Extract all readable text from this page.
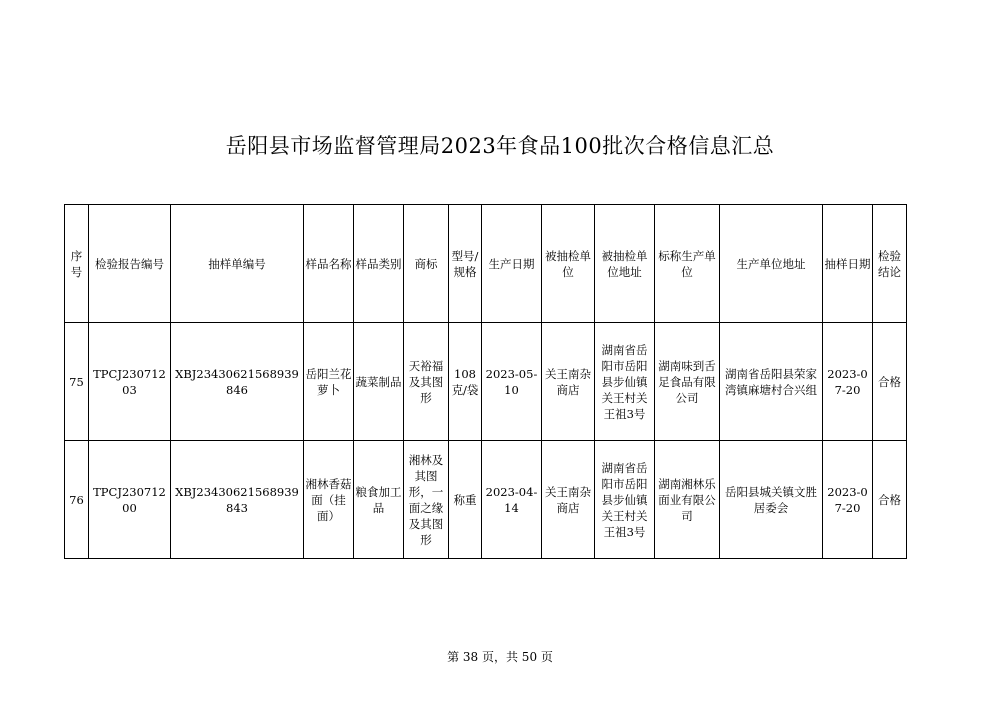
岳阳县市场监督管理局2023年食品100批次合格信息汇总
序号	检验报告编号	抽样单编号	样品名称	样品类别	商标	型号/规格	生产日期	被抽检单位	被抽检单位地址	标称生产单位	生产单位地址	抽样日期	检验结论
75	TPCJ23071203	XBJ23430621568939846	岳阳兰花萝卜	蔬菜制品	天裕福及其图形	108克/袋	2023-05-10	关王南杂商店	湖南省岳阳市岳阳县步仙镇关王村关王祖3号	湖南味到舌足食品有限公司	湖南省岳阳县荣家湾镇麻塘村合兴组	2023-07-20	合格
76	TPCJ23071200	XBJ23430621568939843	湘林香菇面（挂面）	粮食加工品	湘林及其图形，一面之缘及其图形	称重	2023-04-14	关王南杂商店	湖南省岳阳市岳阳县步仙镇关王村关王祖3号	湖南湘林乐面业有限公司	岳阳县城关镇文胜居委会	2023-07-20	合格
第 38 页，共 50 页
